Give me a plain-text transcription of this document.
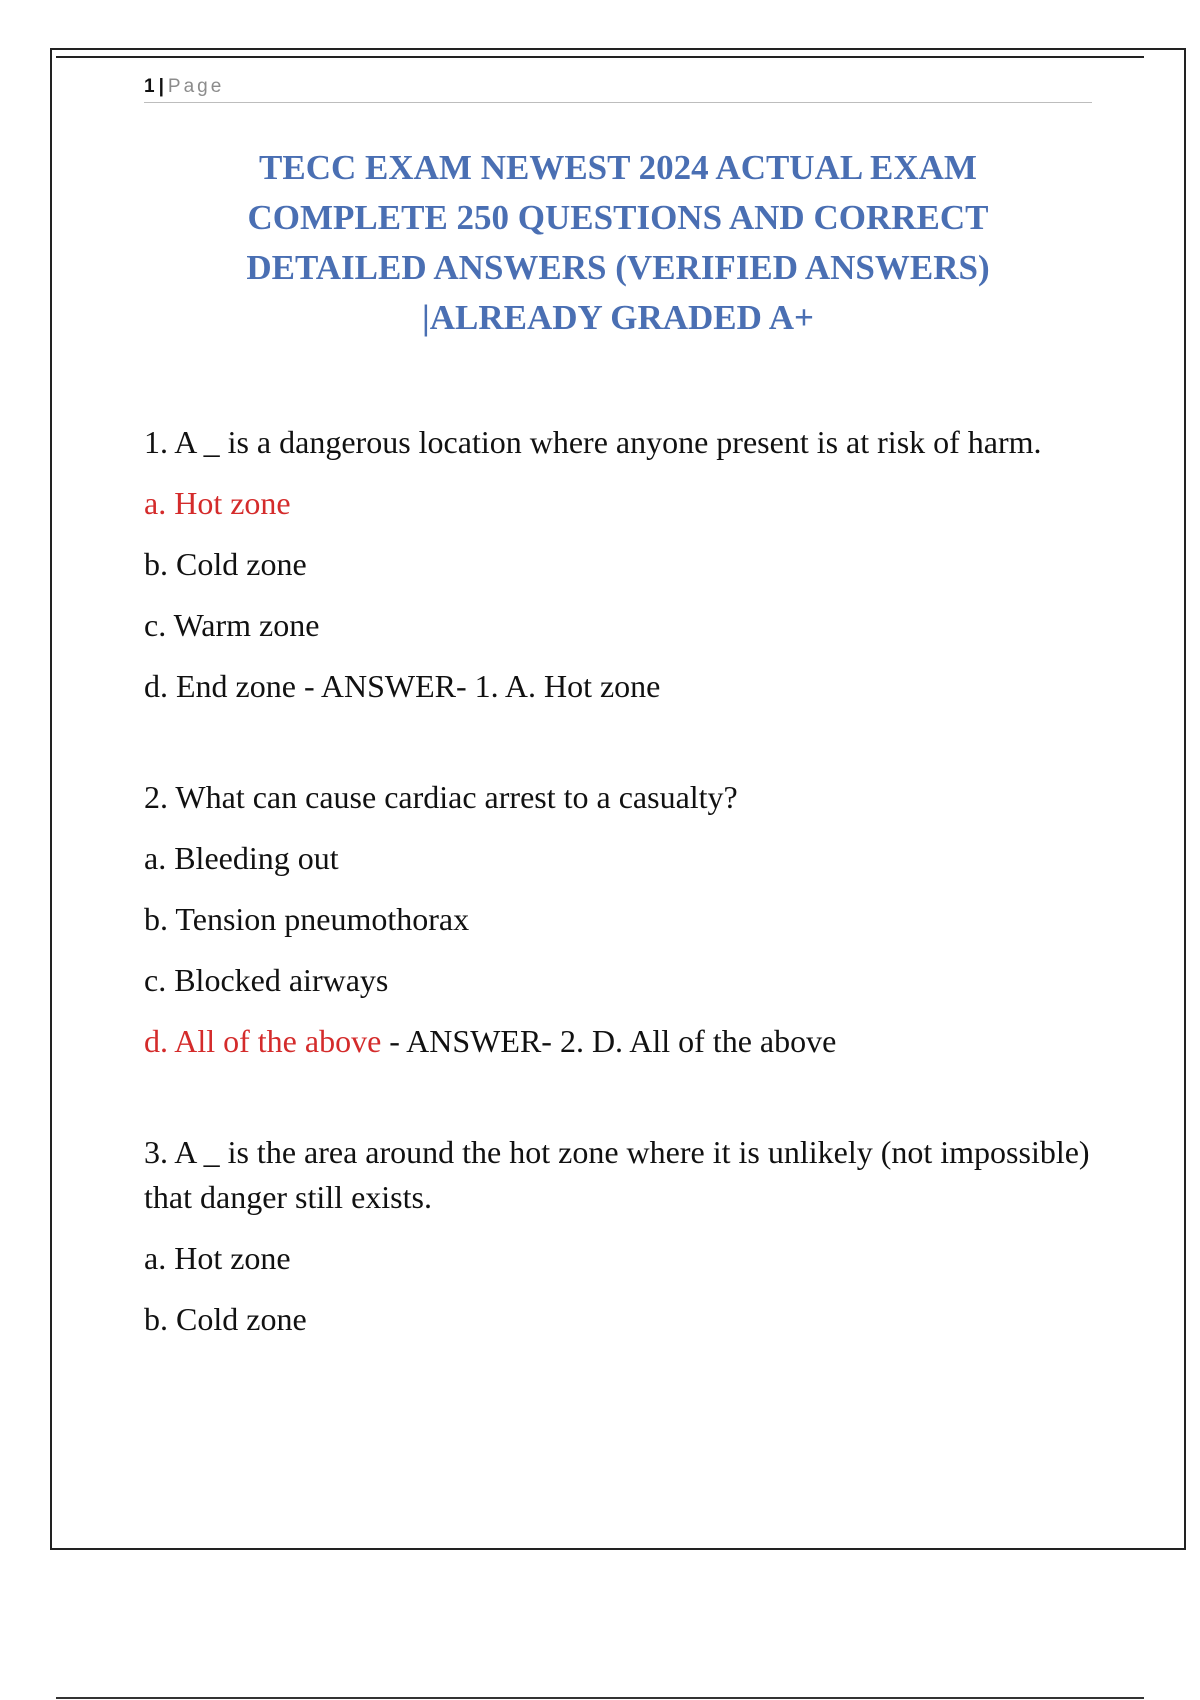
1 | Page
TECC EXAM NEWEST 2024 ACTUAL EXAM
COMPLETE 250 QUESTIONS AND CORRECT
DETAILED ANSWERS (VERIFIED ANSWERS)
|ALREADY GRADED A+

1. A _ is a dangerous location where anyone present is at risk of harm.

a. Hot zone
b. Cold zone
c. Warm zone
d. End zone - ANSWER- 1. A. Hot zone

2. What can cause cardiac arrest to a casualty?

a. Bleeding out
b. Tension pneumothorax
c. Blocked airways
d. All of the above - ANSWER- 2. D. All of the above

3. A _ is the area around the hot zone where it is unlikely (not impossible) that danger still exists.

a. Hot zone
b. Cold zone
